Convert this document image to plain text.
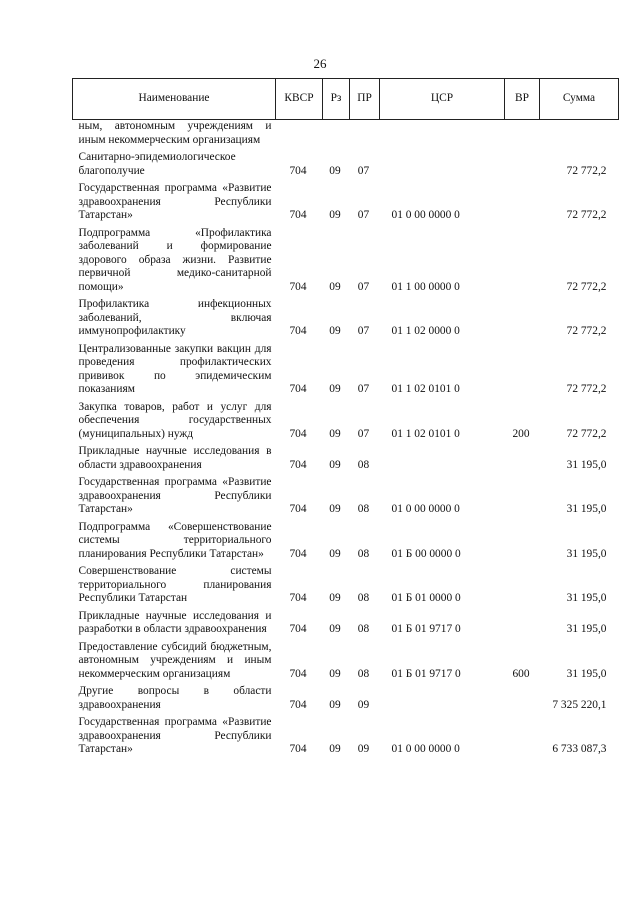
26
Наименование	КВСР	Рз	ПР	ЦСР	ВР	Сумма
ным, автономным учреждениям и иным некоммерческим организациям						
Санитарно-эпидемиологическое благополучие	704	09	07			72 772,2
Государственная программа «Развитие здравоохранения Республики Татарстан»	704	09	07	01 0 00 0000 0		72 772,2
Подпрограмма «Профилактика заболеваний и формирование здорового образа жизни. Развитие первичной медико-санитарной помощи»	704	09	07	01 1 00 0000 0		72 772,2
Профилактика инфекционных заболеваний, включая иммунопрофилактику	704	09	07	01 1 02 0000 0		72 772,2
Централизованные закупки вакцин для проведения профилактических прививок по эпидемическим показаниям	704	09	07	01 1 02 0101 0		72 772,2
Закупка товаров, работ и услуг для обеспечения государственных (муниципальных) нужд	704	09	07	01 1 02 0101 0	200	72 772,2
Прикладные научные исследования в области здравоохранения	704	09	08			31 195,0
Государственная программа «Развитие здравоохранения Республики Татарстан»	704	09	08	01 0 00 0000 0		31 195,0
Подпрограмма «Совершенствование системы территориального планирования Республики Татарстан»	704	09	08	01 Б 00 0000 0		31 195,0
Совершенствование системы территориального планирования Республики Татарстан	704	09	08	01 Б 01 0000 0		31 195,0
Прикладные научные исследования и разработки в области здравоохранения	704	09	08	01 Б 01 9717 0		31 195,0
Предоставление субсидий бюджетным, автономным учреждениям и иным некоммерческим организациям	704	09	08	01 Б 01 9717 0	600	31 195,0
Другие вопросы в области здравоохранения	704	09	09			7 325 220,1
Государственная программа «Развитие здравоохранения Республики Татарстан»	704	09	09	01 0 00 0000 0		6 733 087,3
